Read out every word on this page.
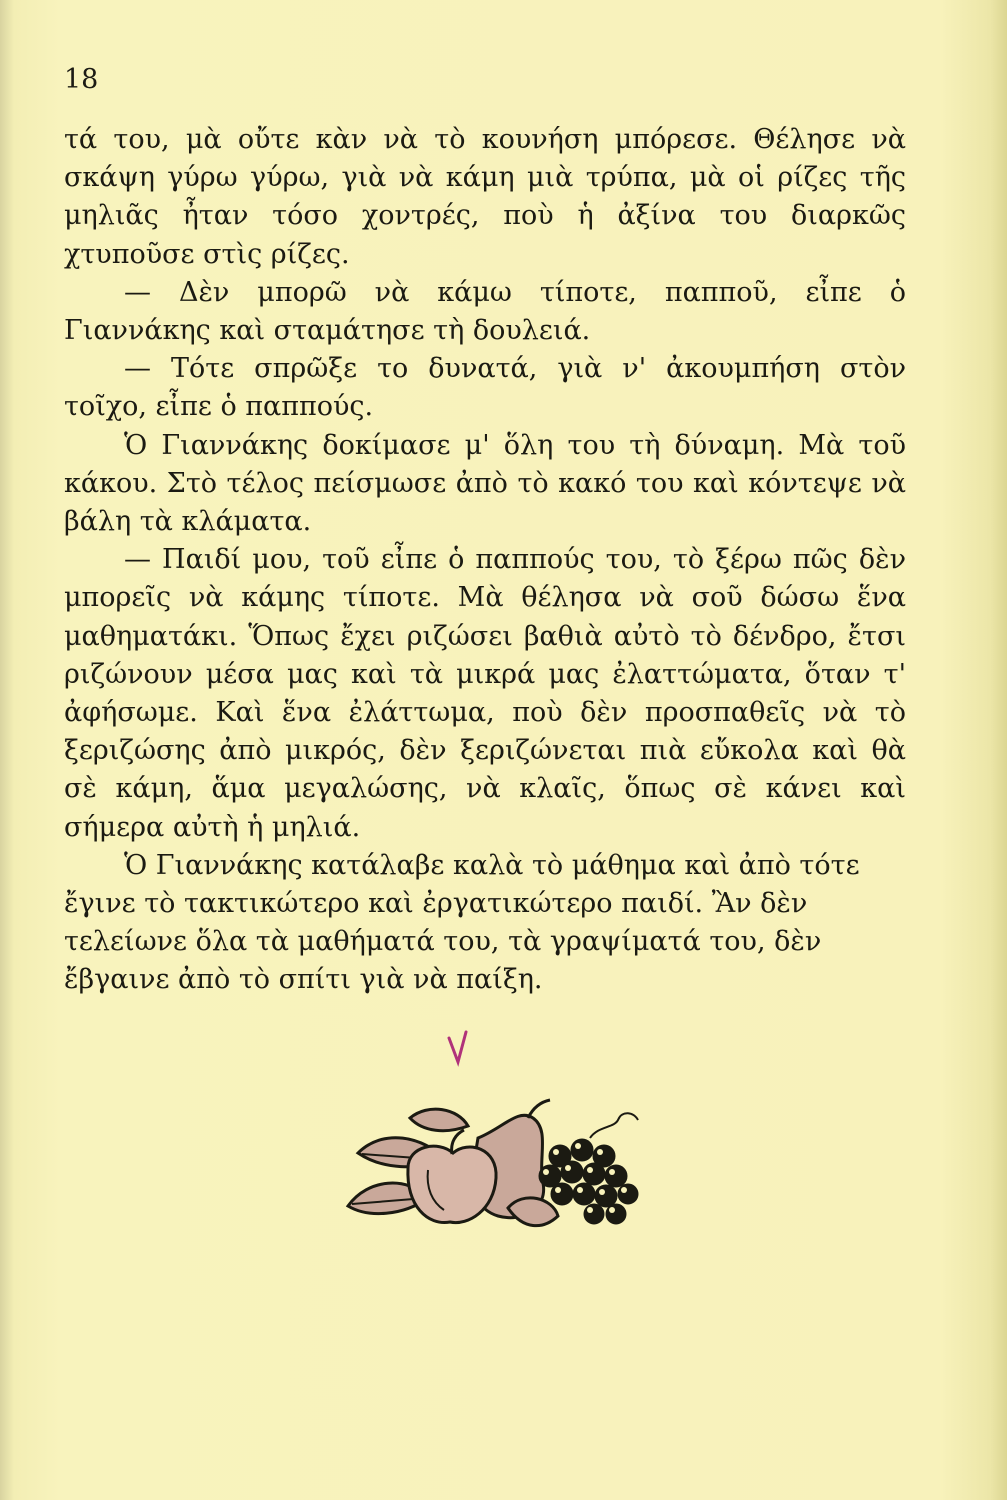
18

τά του, μὰ οὔτε κὰν νὰ τὸ κουνήση μπόρεσε. Θέλησε νὰ σκάψη γύρω γύρω, γιὰ νὰ κάμη μιὰ τρύπα, μὰ οἱ ρίζες τῆς μηλιᾶς ἦταν τόσο χοντρές, ποὺ ἡ ἀξίνα του διαρκῶς χτυποῦσε στὶς ρίζες.

— Δὲν μπορῶ νὰ κάμω τίποτε, παπποῦ, εἶπε ὁ Γιαννάκης καὶ σταμάτησε τὴ δουλειά.

— Τότε σπρῶξε το δυνατά, γιὰ ν' ἀκουμπήση στὸν τοῖχο, εἶπε ὁ παππούς.

Ὁ Γιαννάκης δοκίμασε μ' ὅλη του τὴ δύναμη. Μὰ τοῦ κάκου. Στὸ τέλος πείσμωσε ἀπὸ τὸ κακό του καὶ κόντεψε νὰ βάλη τὰ κλάματα.

— Παιδί μου, τοῦ εἶπε ὁ παππούς του, τὸ ξέρω πῶς δὲν μπορεῖς νὰ κάμης τίποτε. Μὰ θέλησα νὰ σοῦ δώσω ἕνα μαθηματάκι. Ὅπως ἔχει ριζώσει βαθιὰ αὐτὸ τὸ δένδρο, ἔτσι ριζώνουν μέσα μας καὶ τὰ μικρά μας ἐλαττώματα, ὅταν τ' ἀφήσωμε. Καὶ ἕνα ἐλάττωμα, ποὺ δὲν προσπαθεῖς νὰ τὸ ξεριζώσης ἀπὸ μικρός, δὲν ξεριζώνεται πιὰ εὔκολα καὶ θὰ σὲ κάμη, ἅμα μεγαλώσης, νὰ κλαῖς, ὅπως σὲ κάνει καὶ σήμερα αὐτὴ ἡ μηλιά.

Ὁ Γιαννάκης κατάλαβε καλὰ τὸ μάθημα καὶ ἀπὸ τότε ἔγινε τὸ τακτικώτερο καὶ ἐργατικώτερο παιδί. Ἂν δὲν τελείωνε ὅλα τὰ μαθήματά του, τὰ γραψίματά του, δὲν ἔβγαινε ἀπὸ τὸ σπίτι γιὰ νὰ παίξη.
